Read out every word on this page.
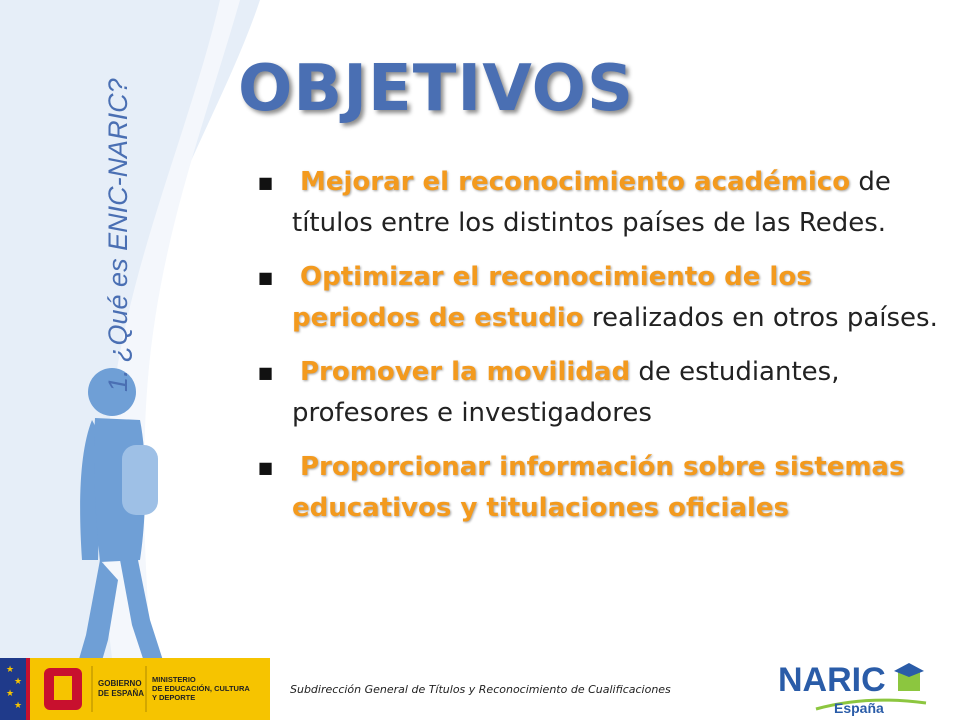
1. ¿Qué es ENIC-NARIC? OBJETIVOS
■ Mejorar el reconocimiento académico de títulos entre los distintos países de las Redes.
■ Optimizar el reconocimiento de los periodos de estudio realizados en otros países.
■ Promover la movilidad de estudiantes, profesores e investigadores
■ Proporcionar información sobre sistemas educativos y titulaciones oficiales
★
★
★
★
GOBIERNO
DE ESPAÑA
MINISTERIO
DE EDUCACIÓN, CULTURA
Y DEPORTE
Subdirección General de Títulos y Reconocimiento de Cualificaciones	NARIC
España
